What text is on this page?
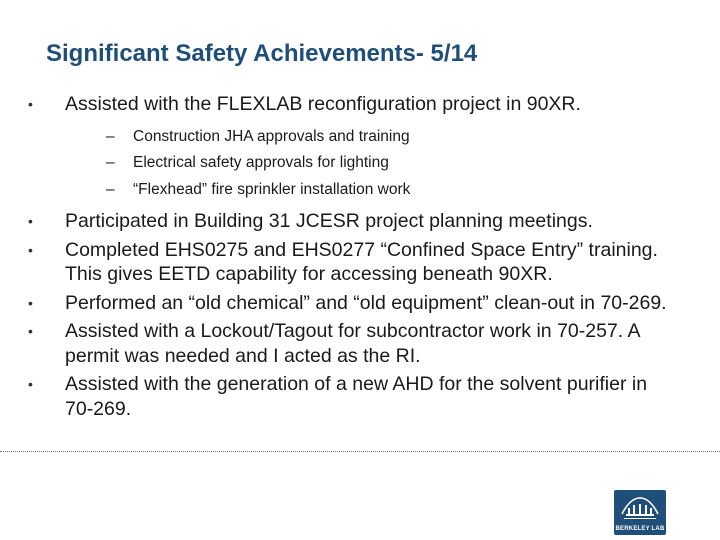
Significant Safety Achievements- 5/14
• Assisted with the FLEXLAB reconfiguration project in 90XR.
– Construction JHA approvals and training
– Electrical safety approvals for lighting
– “Flexhead” fire sprinkler installation work
• Participated in Building 31 JCESR project planning meetings.
• Completed EHS0275 and EHS0277 “Confined Space Entry” training. This gives EETD capability for accessing beneath 90XR.
• Performed an “old chemical” and “old equipment” clean-out in 70-269.
• Assisted with a Lockout/Tagout for subcontractor work in 70-257. A permit was needed and I acted as the RI.
• Assisted with the generation of a new AHD for the solvent purifier in 70-269.
BERKELEY LAB
